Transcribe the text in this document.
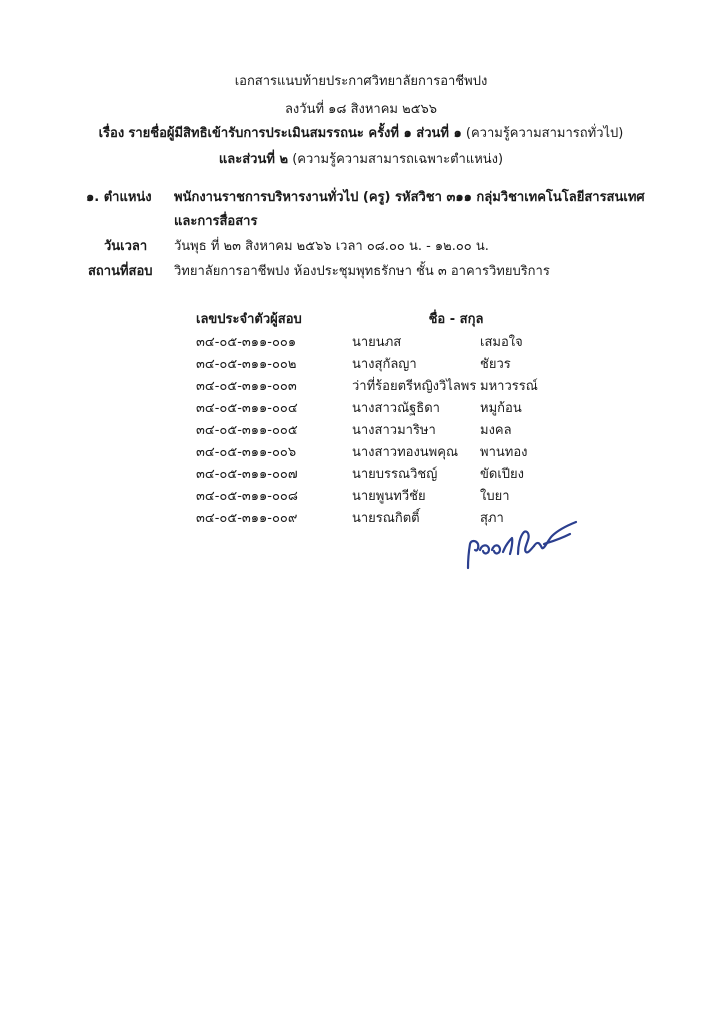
เอกสารแนบท้ายประกาศวิทยาลัยการอาชีพปง
ลงวันที่ ๑๘ สิงหาคม ๒๕๖๖
เรื่อง รายชื่อผู้มีสิทธิเข้ารับการประเมินสมรรถนะ ครั้งที่ ๑ ส่วนที่ ๑ (ความรู้ความสามารถทั่วไป)
และส่วนที่ ๒ (ความรู้ความสามารถเฉพาะตำแหน่ง)
๑. ตำแหน่ง พนักงานราชการบริหารงานทั่วไป (ครู) รหัสวิชา ๓๑๑ กลุ่มวิชาเทคโนโลยีสารสนเทศ
และการสื่อสาร
วันเวลา วันพุธ ที่ ๒๓ สิงหาคม ๒๕๖๖ เวลา ๐๘.๐๐ น. - ๑๒.๐๐ น.
สถานที่สอบ วิทยาลัยการอาชีพปง ห้องประชุมพุทธรักษา ชั้น ๓ อาคารวิทยบริการ
เลขประจำตัวผู้สอบ	ชื่อ - สกุล	
๓๔-๐๕-๓๑๑-๐๐๑	นายนภส	เสมอใจ
๓๔-๐๕-๓๑๑-๐๐๒	นางสุกัลญา	ชัยวร
๓๔-๐๕-๓๑๑-๐๐๓	ว่าที่ร้อยตรีหญิงวิไลพร	มหาวรรณ์
๓๔-๐๕-๓๑๑-๐๐๔	นางสาวณัฐธิดา	หมูก้อน
๓๔-๐๕-๓๑๑-๐๐๕	นางสาวมาริษา	มงคล
๓๔-๐๕-๓๑๑-๐๐๖	นางสาวทองนพคุณ	พานทอง
๓๔-๐๕-๓๑๑-๐๐๗	นายบรรณวิชญ์	ขัดเปียง
๓๔-๐๕-๓๑๑-๐๐๘	นายพูนทวีชัย	ใบยา
๓๔-๐๕-๓๑๑-๐๐๙	นายรณกิตติ์	สุภา
